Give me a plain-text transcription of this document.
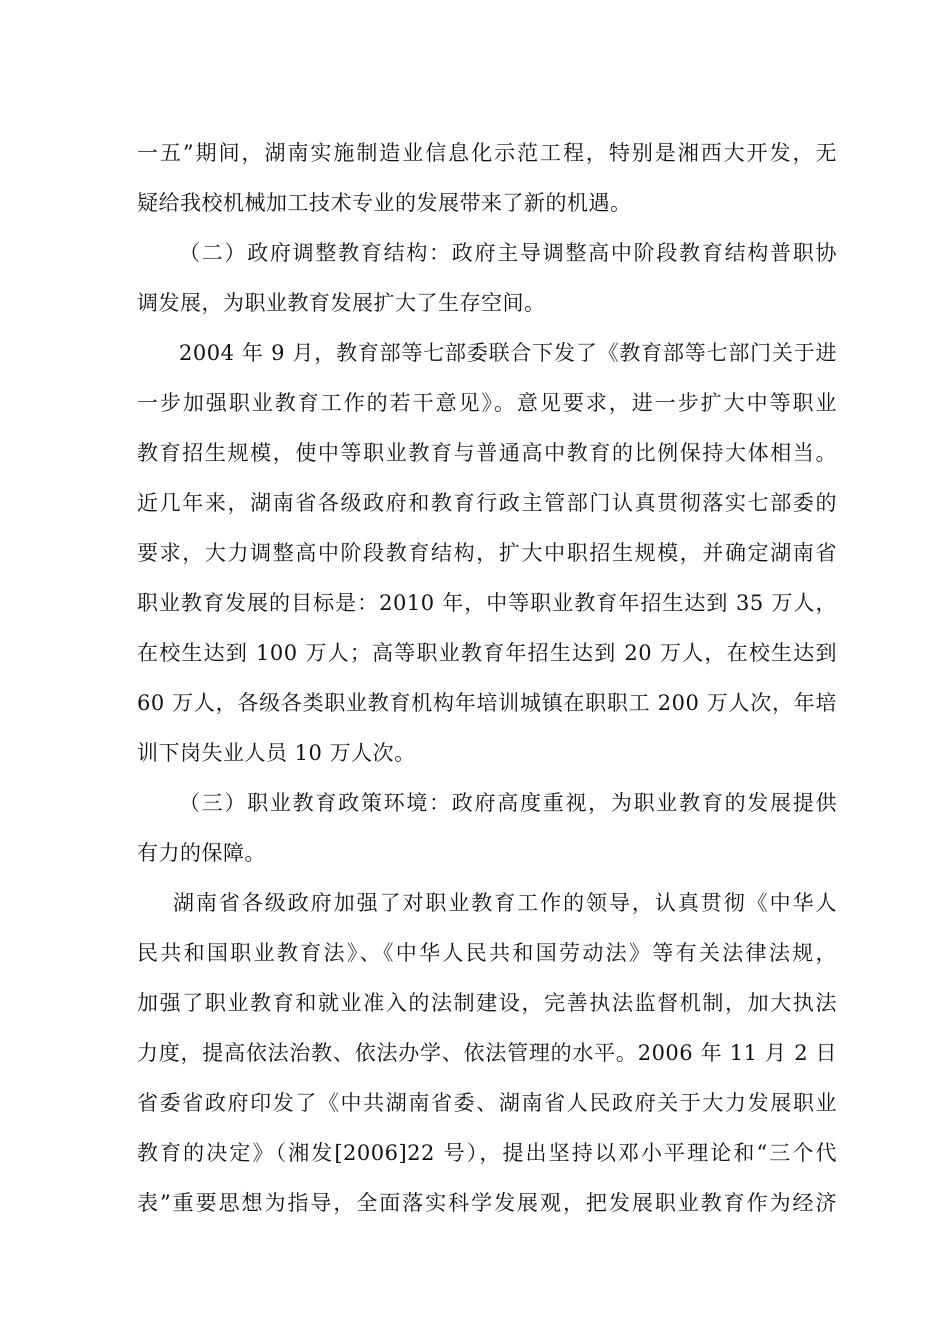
一五”期间，湖南实施制造业信息化示范工程，特别是湘西大开发，无
疑给我校机械加工技术专业的发展带来了新的机遇。
（二）政府调整教育结构：政府主导调整高中阶段教育结构普职协
调发展，为职业教育发展扩大了生存空间。
2004 年 9 月，教育部等七部委联合下发了《教育部等七部门关于进
一步加强职业教育工作的若干意见》。意见要求，进一步扩大中等职业
教育招生规模，使中等职业教育与普通高中教育的比例保持大体相当。
近几年来，湖南省各级政府和教育行政主管部门认真贯彻落实七部委的
要求，大力调整高中阶段教育结构，扩大中职招生规模，并确定湖南省
职业教育发展的目标是：2010 年，中等职业教育年招生达到 35 万人，
在校生达到 100 万人；高等职业教育年招生达到 20 万人，在校生达到
60 万人，各级各类职业教育机构年培训城镇在职职工 200 万人次，年培
训下岗失业人员 10 万人次。
（三）职业教育政策环境：政府高度重视，为职业教育的发展提供
有力的保障。
湖南省各级政府加强了对职业教育工作的领导，认真贯彻《中华人
民共和国职业教育法》、《中华人民共和国劳动法》等有关法律法规，
加强了职业教育和就业准入的法制建设，完善执法监督机制，加大执法
力度，提高依法治教、依法办学、依法管理的水平。2006 年 11 月 2 日
省委省政府印发了《中共湖南省委、湖南省人民政府关于大力发展职业
教育的决定》（湘发[2006]22 号），提出坚持以邓小平理论和“三个代
表”重要思想为指导，全面落实科学发展观，把发展职业教育作为经济
